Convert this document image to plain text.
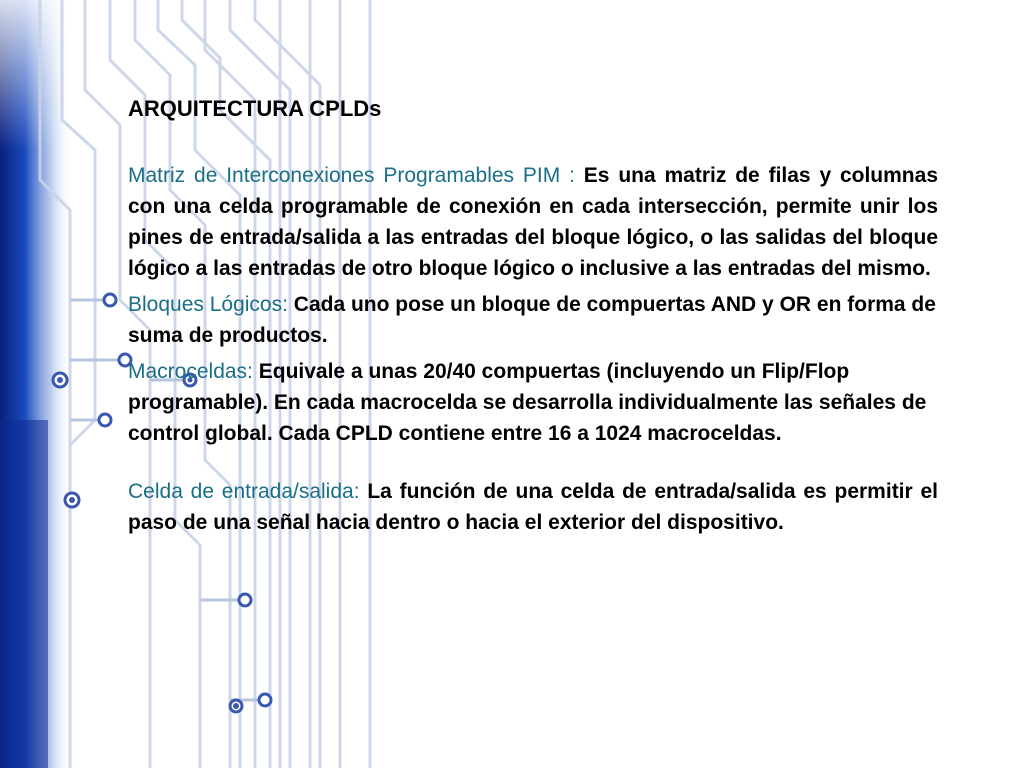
ARQUITECTURA CPLDs

Matriz de Interconexiones Programables PIM : Es una matriz de filas y columnas con una celda programable de conexión en cada intersección, permite unir los pines de entrada/salida a las entradas del bloque lógico, o las salidas del bloque lógico a las entradas de otro bloque lógico o inclusive a las entradas del mismo.

Bloques Lógicos: Cada uno pose un bloque de compuertas AND y OR en forma de suma de productos.

Macroceldas: Equivale a unas 20/40 compuertas (incluyendo un Flip/Flop programable). En cada macrocelda se desarrolla individualmente las señales de control global. Cada CPLD contiene entre 16 a 1024 macroceldas.

Celda de entrada/salida: La función de una celda de entrada/salida es permitir el paso de una señal hacia dentro o hacia el exterior del dispositivo.
